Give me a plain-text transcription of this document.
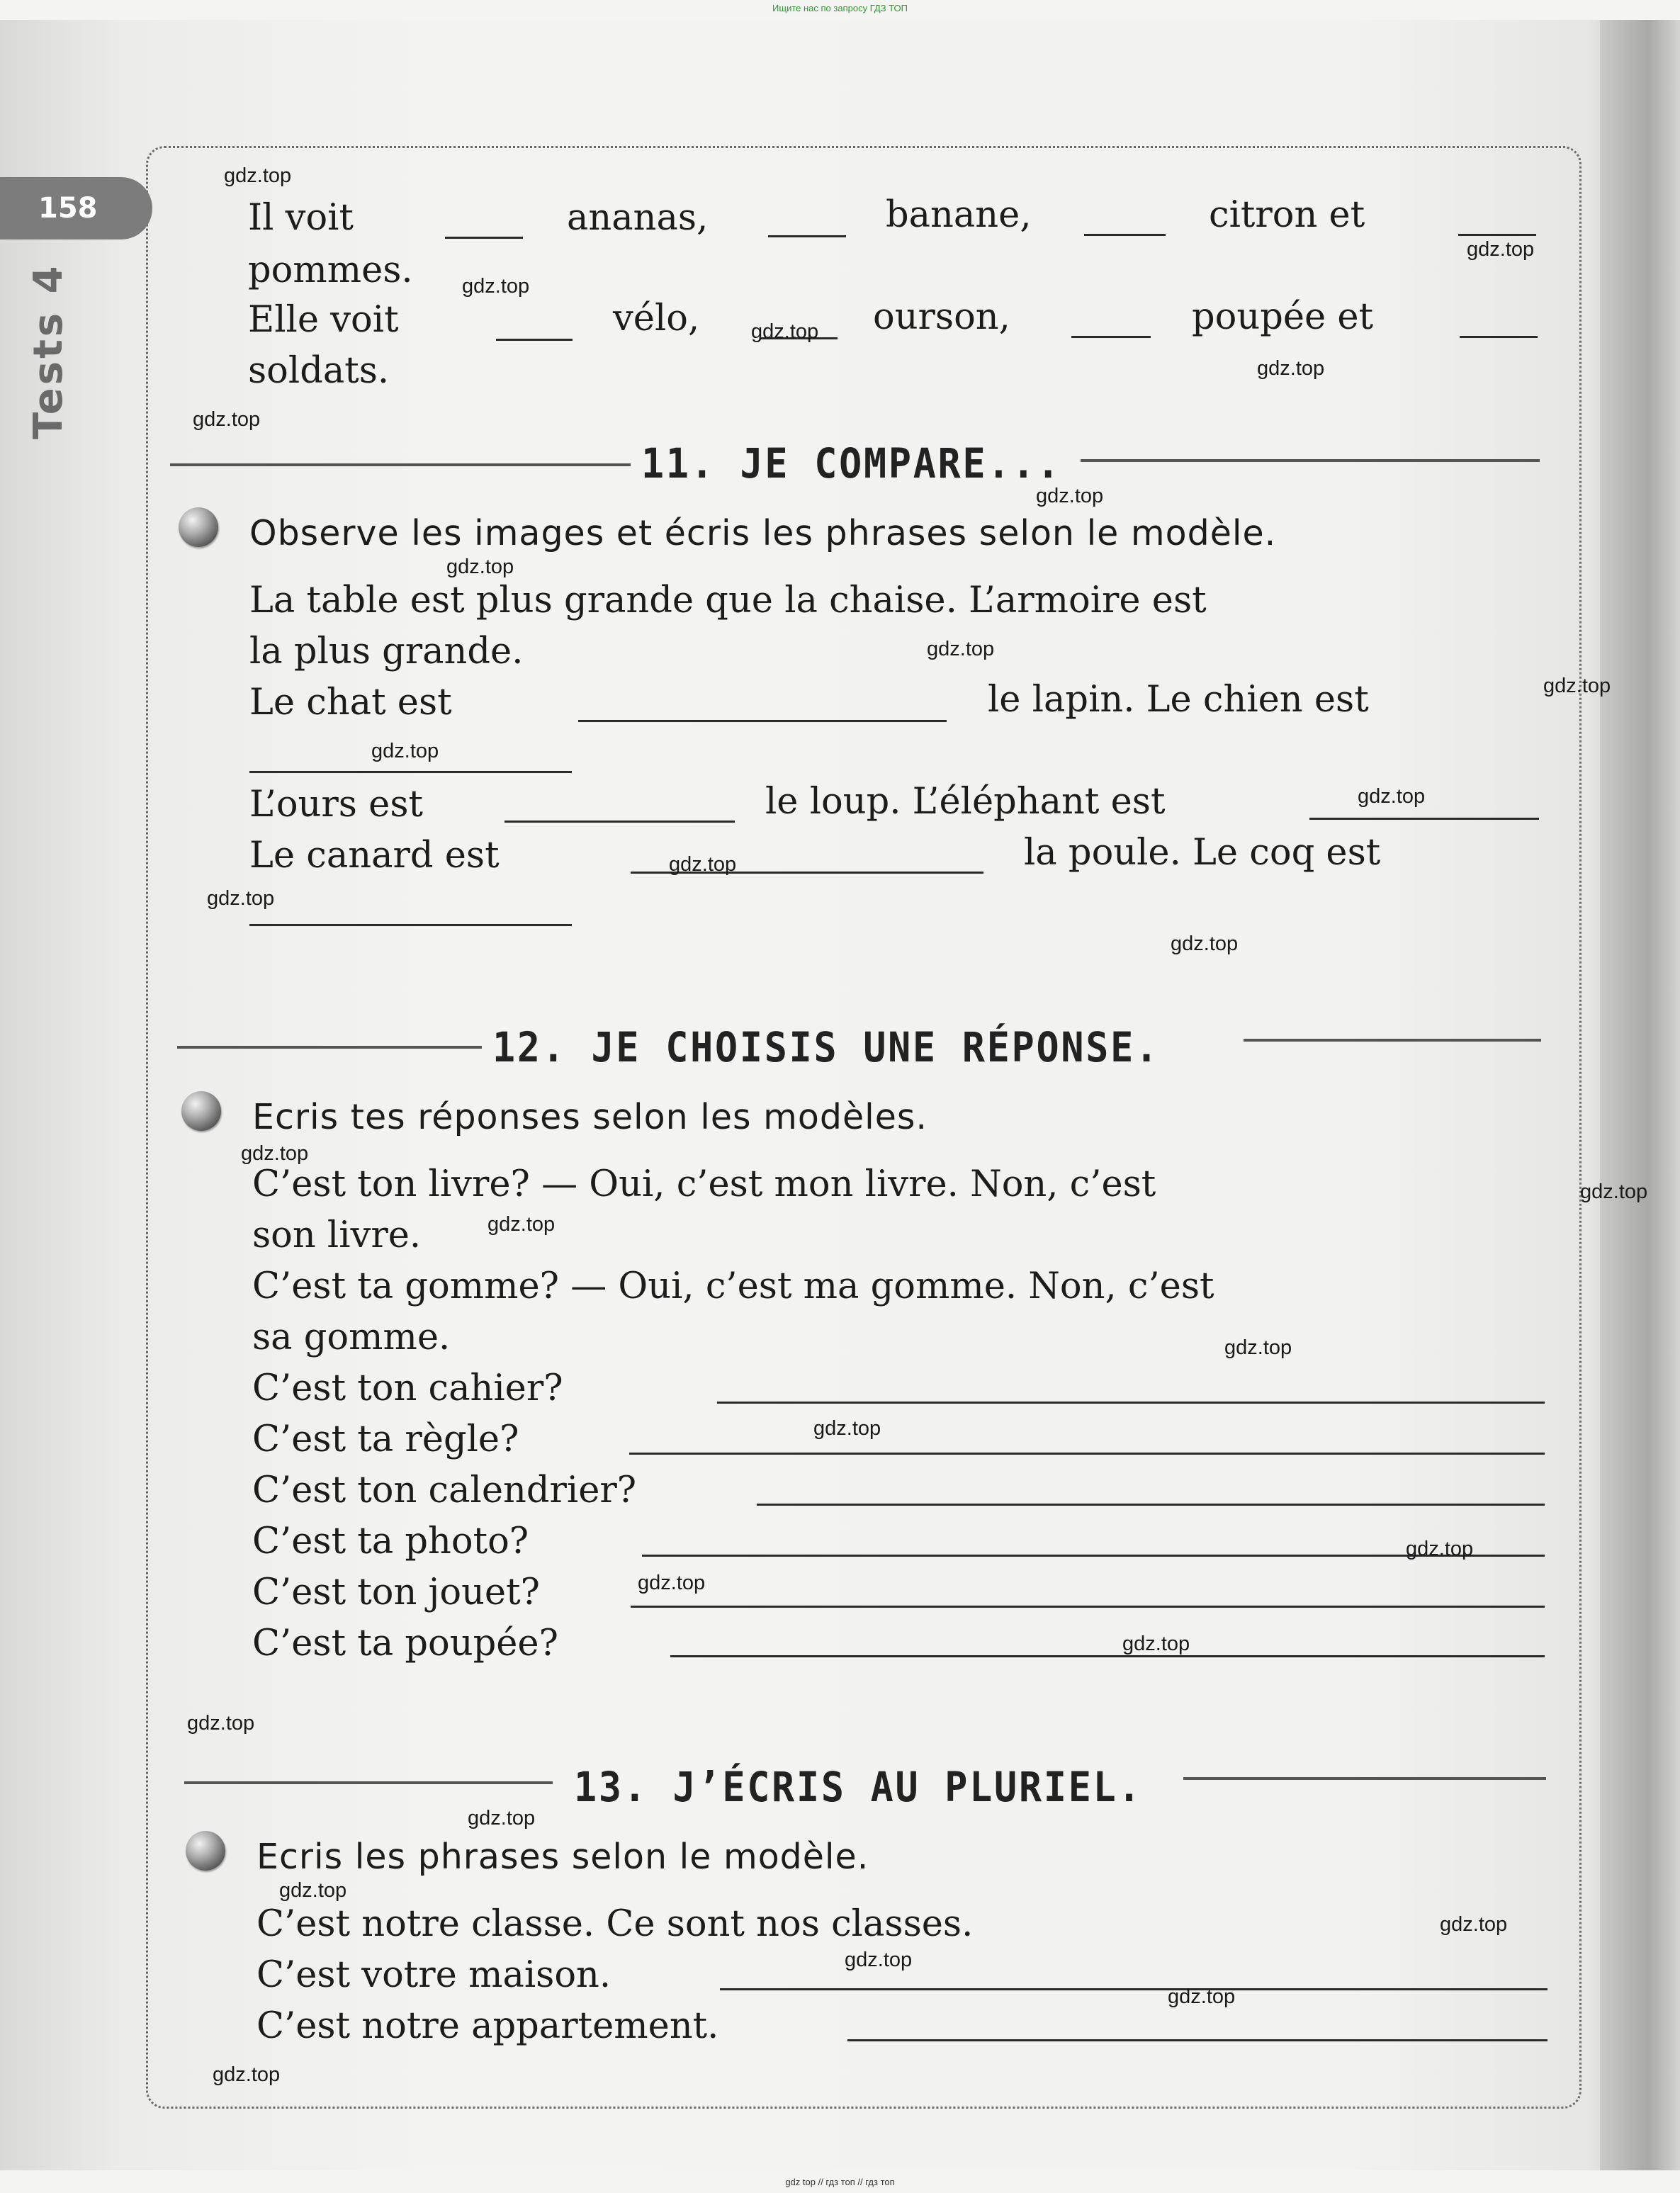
Ищите нас по запросу ГДЗ ТОП
gdz top // гдз топ // гдз топ
158
Tests 4
Il voit	ananas,	banane,	citron et
pommes.
Elle voit	vélo,	ourson,	poupée et
soldats.
11. JE COMPARE...
Observe les images et écris les phrases selon le modèle.
La table est plus grande que la chaise. L’armoire est
la plus grande.
Le chat est	le lapin. Le chien est
L’ours est	le loup. L’éléphant est
Le canard est	la poule. Le coq est
12. JE CHOISIS UNE RÉPONSE.
Ecris tes réponses selon les modèles.
C’est ton livre? — Oui, c’est mon livre. Non, c’est
son livre.
C’est ta gomme? — Oui, c’est ma gomme. Non, c’est
sa gomme.
C’est ton cahier?
C’est ta règle?
C’est ton calendrier?
C’est ta photo?
C’est ton jouet?
C’est ta poupée?
13. J’ÉCRIS AU PLURIEL.
Ecris les phrases selon le modèle.
C’est notre classe. Ce sont nos classes.
C’est votre maison.
C’est notre appartement.
gdz.top
gdz.top
gdz.top
gdz.top
gdz.top
gdz.top
gdz.top
gdz.top
gdz.top
gdz.top
gdz.top
gdz.top
gdz.top
gdz.top
gdz.top
gdz.top
gdz.top
gdz.top
gdz.top
gdz.top
gdz.top
gdz.top
gdz.top
gdz.top
gdz.top
gdz.top
gdz.top
gdz.top
gdz.top
gdz.top
